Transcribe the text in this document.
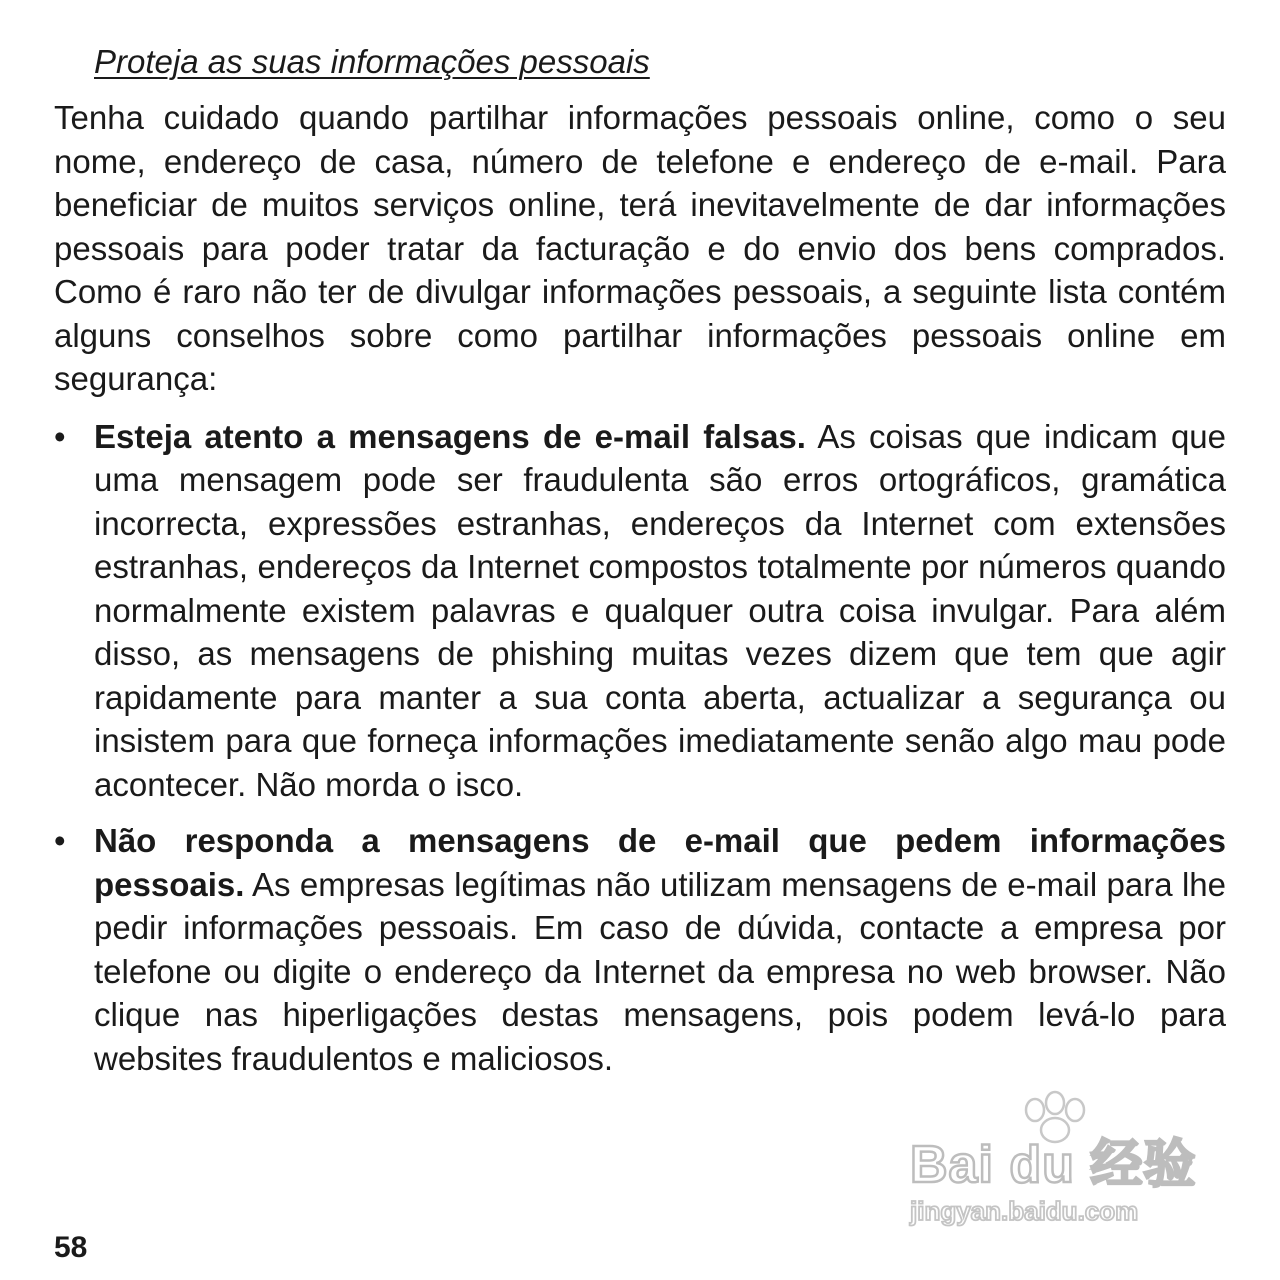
Proteja as suas informações pessoais

Tenha cuidado quando partilhar informações pessoais online, como o seu nome, endereço de casa, número de telefone e endereço de e-mail. Para beneficiar de muitos serviços online, terá inevitavelmente de dar informações pessoais para poder tratar da facturação e do envio dos bens comprados. Como é raro não ter de divulgar informações pessoais, a seguinte lista contém alguns conselhos sobre como partilhar informações pessoais online em segurança:

• Esteja atento a mensagens de e-mail falsas. As coisas que indicam que uma mensagem pode ser fraudulenta são erros ortográficos, gramática incorrecta, expressões estranhas, endereços da Internet com extensões estranhas, endereços da Internet compostos totalmente por números quando normalmente existem palavras e qualquer outra coisa invulgar. Para além disso, as mensagens de phishing muitas vezes dizem que tem que agir rapidamente para manter a sua conta aberta, actualizar a segurança ou insistem para que forneça informações imediatamente senão algo mau pode acontecer. Não morda o isco.
• Não responda a mensagens de e-mail que pedem informações pessoais. As empresas legítimas não utilizam mensagens de e-mail para lhe pedir informações pessoais. Em caso de dúvida, contacte a empresa por telefone ou digite o endereço da Internet da empresa no web browser. Não clique nas hiperligações destas mensagens, pois podem levá-lo para websites fraudulentos e maliciosos.
Bai du 经验
jingyan.baidu.com
58
